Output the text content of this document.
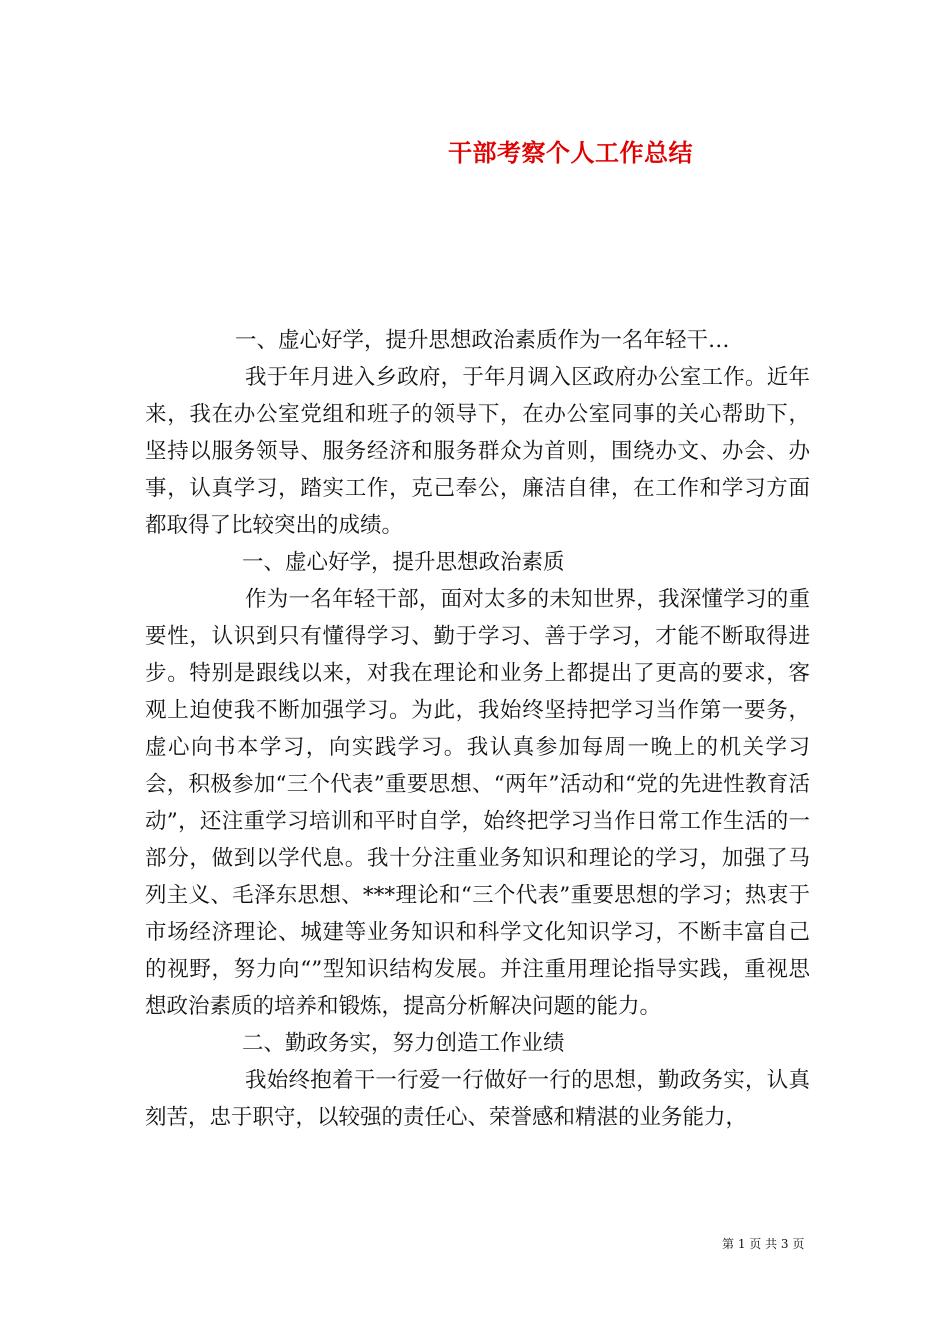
干部考察个人工作总结

一、虚心好学，提升思想政治素质作为一名年轻干…

我于年月进入乡政府，于年月调入区政府办公室工作。近年来，我在办公室党组和班子的领导下，在办公室同事的关心帮助下，坚持以服务领导、服务经济和服务群众为首则，围绕办文、办会、办事，认真学习，踏实工作，克己奉公，廉洁自律，在工作和学习方面都取得了比较突出的成绩。

一、虚心好学，提升思想政治素质

作为一名年轻干部，面对太多的未知世界，我深懂学习的重要性，认识到只有懂得学习、勤于学习、善于学习，才能不断取得进步。特别是跟线以来，对我在理论和业务上都提出了更高的要求，客观上迫使我不断加强学习。为此，我始终坚持把学习当作第一要务，虚心向书本学习，向实践学习。我认真参加每周一晚上的机关学习会，积极参加“三个代表”重要思想、“两年”活动和“党的先进性教育活动”，还注重学习培训和平时自学，始终把学习当作日常工作生活的一部分，做到以学代息。我十分注重业务知识和理论的学习，加强了马列主义、毛泽东思想、***理论和“三个代表”重要思想的学习；热衷于市场经济理论、城建等业务知识和科学文化知识学习，不断丰富自己的视野，努力向“”型知识结构发展。并注重用理论指导实践，重视思想政治素质的培养和锻炼，提高分析解决问题的能力。

二、勤政务实，努力创造工作业绩

我始终抱着干一行爱一行做好一行的思想，勤政务实，认真刻苦，忠于职守，以较强的责任心、荣誉感和精湛的业务能力，

第 1 页 共 3 页
